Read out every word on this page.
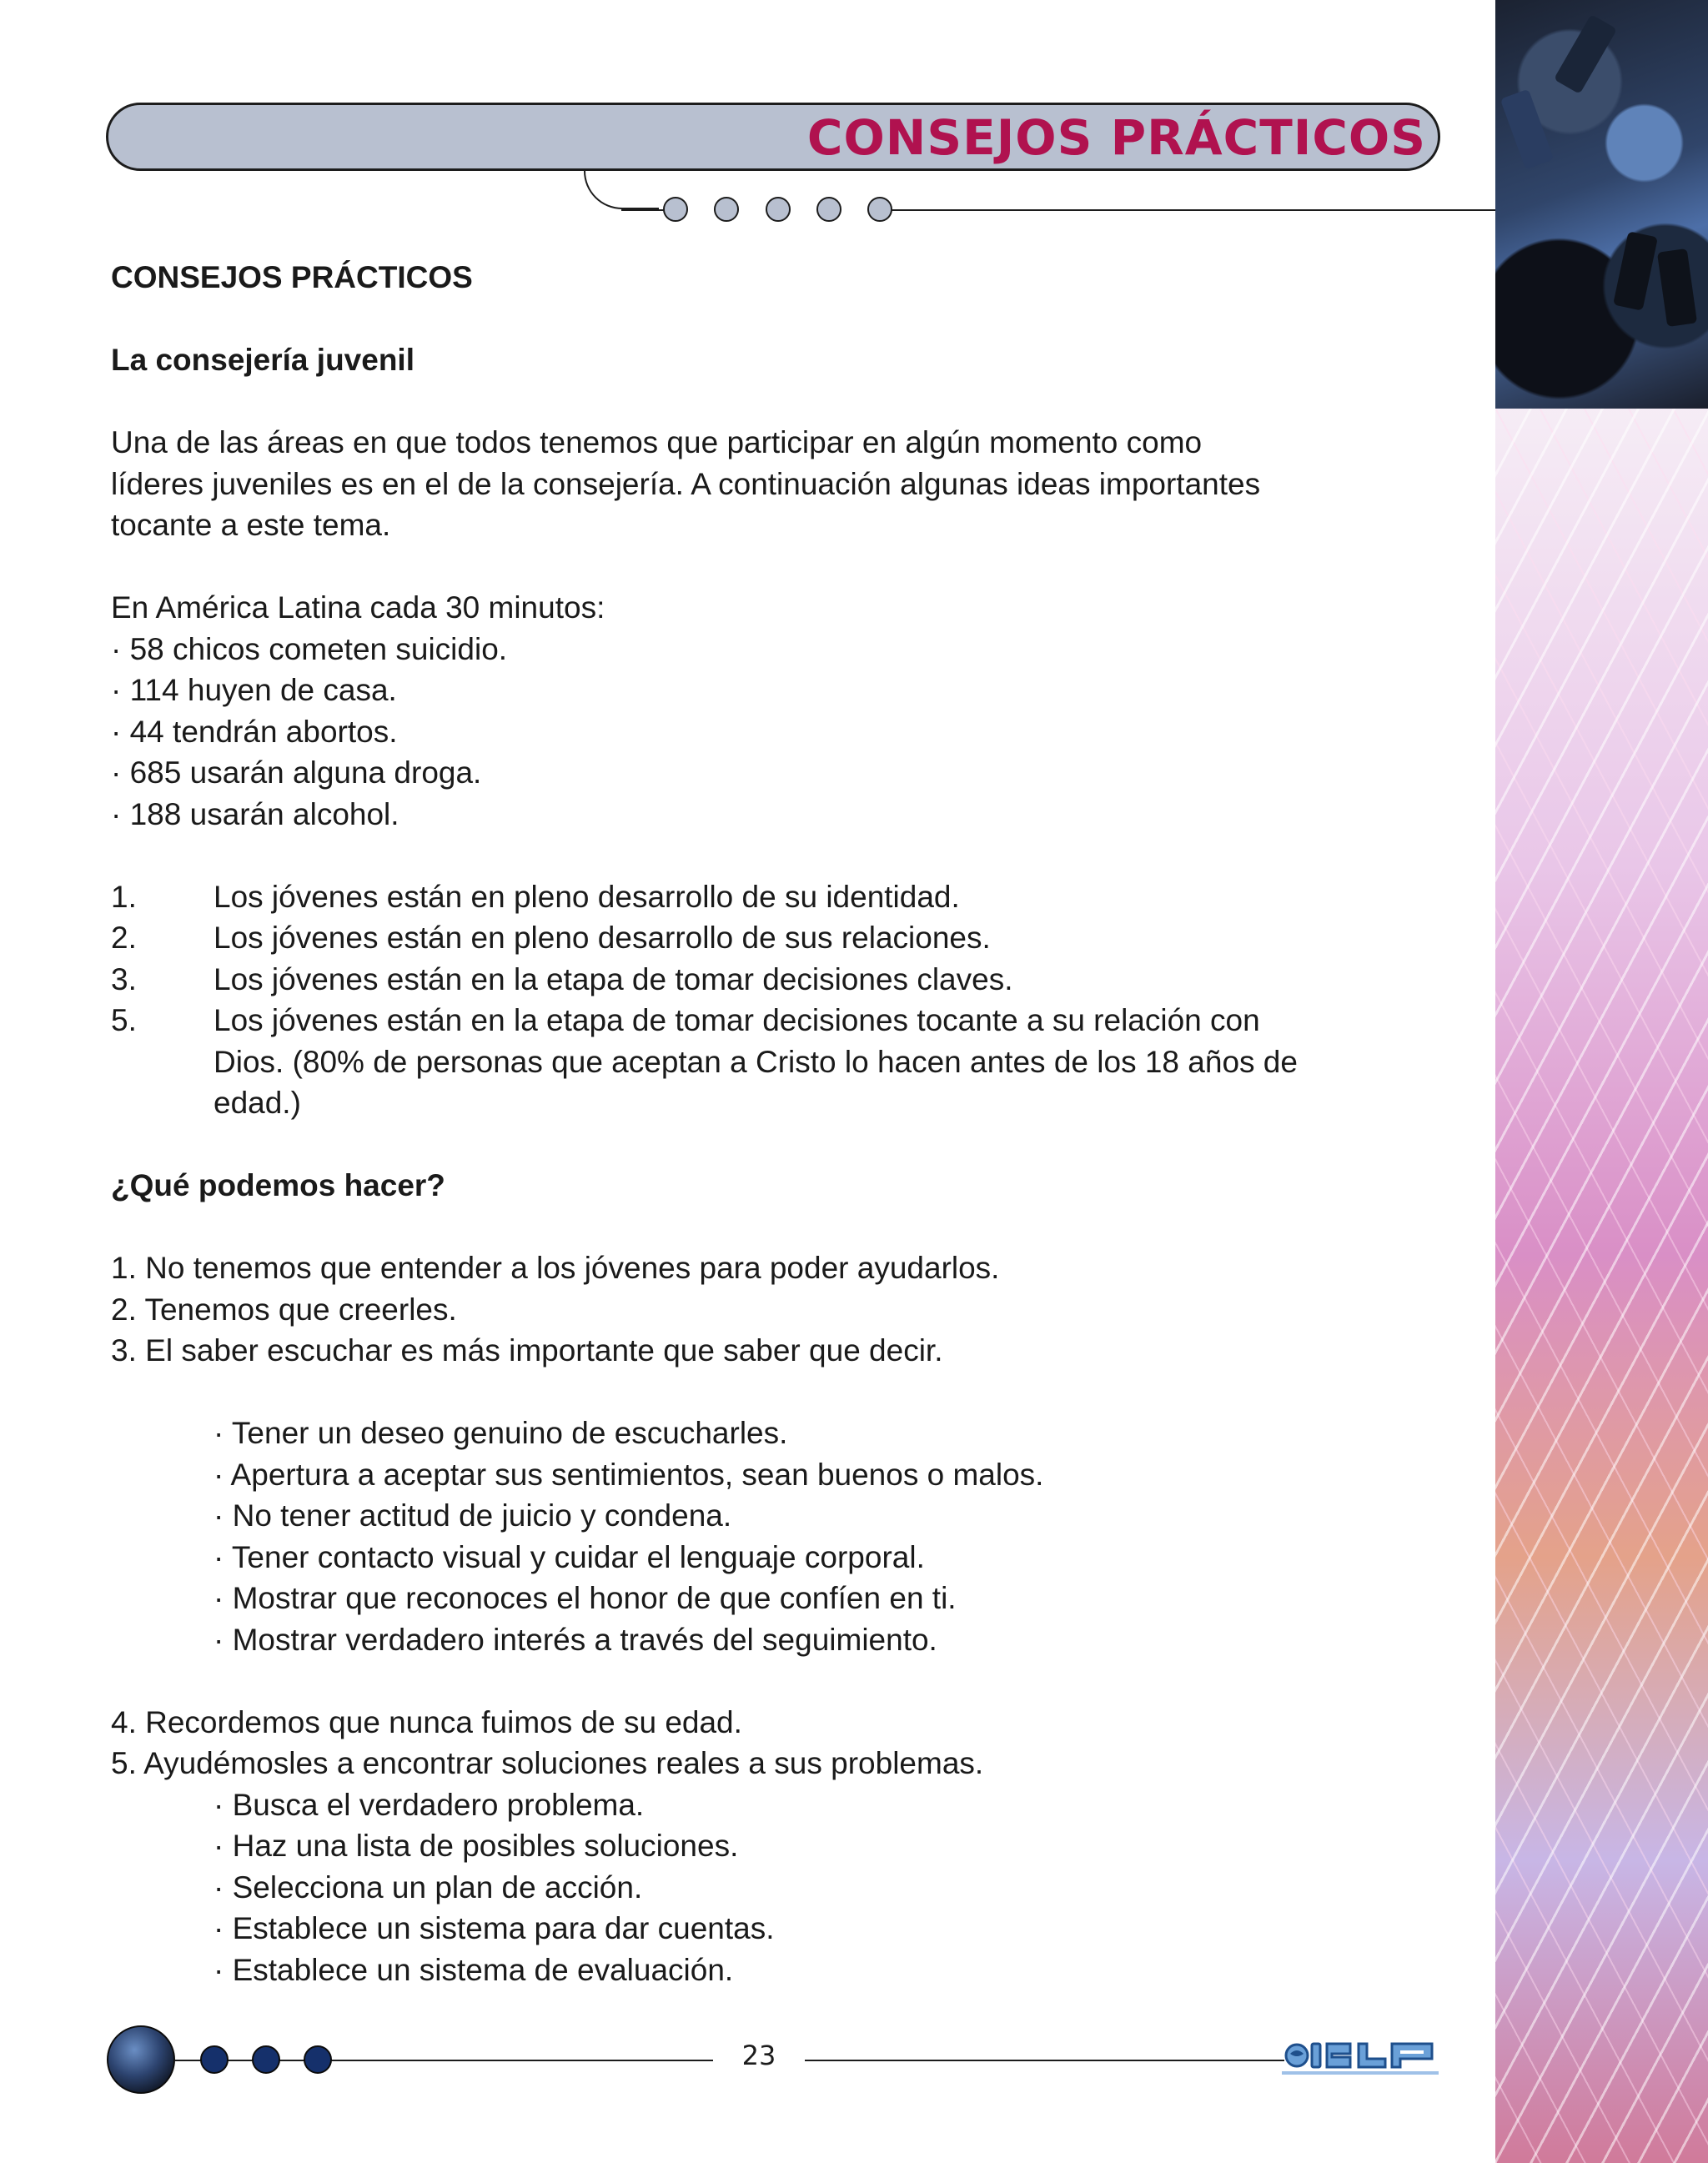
CONSEJOS PRÁCTICOS

CONSEJOS PRÁCTICOS

La consejería juvenil

Una de las áreas en que todos tenemos que participar en algún momento como

líderes juveniles es en el de la consejería. A continuación algunas ideas importantes

tocante a este tema.

En América Latina cada 30 minutos:

· 58 chicos cometen suicidio.

· 114 huyen de casa.

· 44 tendrán abortos.

· 685 usarán alguna droga.

· 188 usarán alcohol.

1.	Los jóvenes están en pleno desarrollo de su identidad.
2.	Los jóvenes están en pleno desarrollo de sus relaciones.
3.	Los jóvenes están en la etapa de tomar decisiones claves.
5.	Los jóvenes están en la etapa de tomar decisiones tocante a su relación con
Dios. (80% de personas que aceptan a Cristo lo hacen antes de los 18 años de
edad.)

¿Qué podemos hacer?

1. No tenemos que entender a los jóvenes para poder ayudarlos.

2. Tenemos que creerles.

3. El saber escuchar es más importante que saber que decir.

· Tener un deseo genuino de escucharles.

· Apertura a aceptar sus sentimientos, sean buenos o malos.

· No tener actitud de juicio y condena.

· Tener contacto visual y cuidar el lenguaje corporal.

· Mostrar que reconoces el honor de que confíen en ti.

· Mostrar verdadero interés a través del seguimiento.

4. Recordemos que nunca fuimos de su edad.

5. Ayudémosles a encontrar soluciones reales a sus problemas.

· Busca el verdadero problema.

· Haz una lista de posibles soluciones.

· Selecciona un plan de acción.

· Establece un sistema para dar cuentas.

· Establece un sistema de evaluación.

23
